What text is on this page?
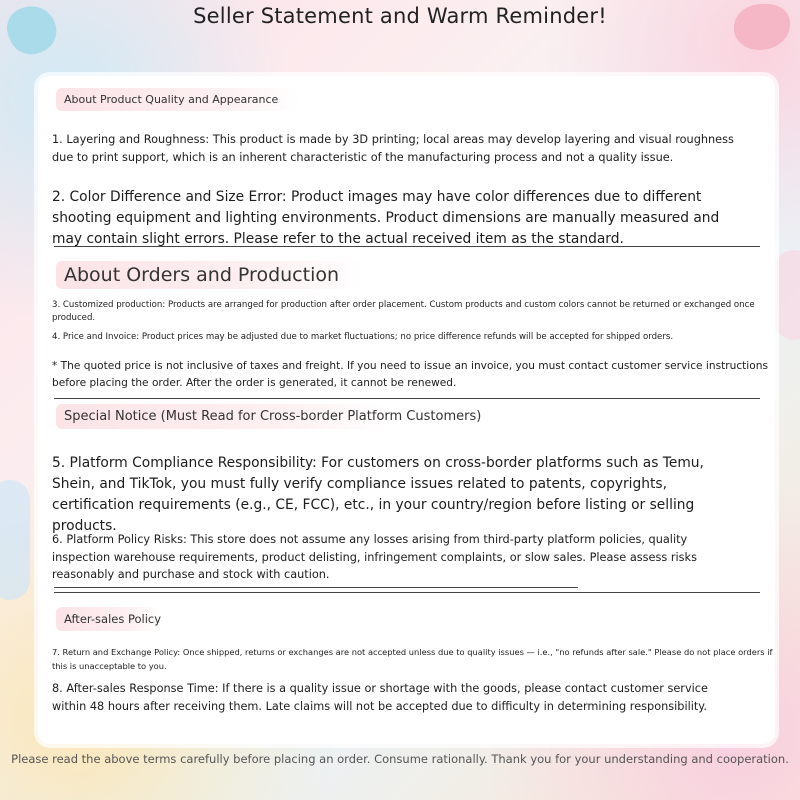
Seller Statement and Warm Reminder!
About Product Quality and Appearance
1. Layering and Roughness: This product is made by 3D printing; local areas may develop layering and visual roughness due to print support, which is an inherent characteristic of the manufacturing process and not a quality issue.
2. Color Difference and Size Error: Product images may have color differences due to different shooting equipment and lighting environments. Product dimensions are manually measured and may contain slight errors. Please refer to the actual received item as the standard.
About Orders and Production
3. Customized production: Products are arranged for production after order placement. Custom products and custom colors cannot be returned or exchanged once produced.
4. Price and Invoice: Product prices may be adjusted due to market fluctuations; no price difference refunds will be accepted for shipped orders.
* The quoted price is not inclusive of taxes and freight. If you need to issue an invoice, you must contact customer service instructions before placing the order. After the order is generated, it cannot be renewed.
Special Notice (Must Read for Cross-border Platform Customers)
5. Platform Compliance Responsibility: For customers on cross-border platforms such as Temu, Shein, and TikTok, you must fully verify compliance issues related to patents, copyrights, certification requirements (e.g., CE, FCC), etc., in your country/region before listing or selling products.
6. Platform Policy Risks: This store does not assume any losses arising from third-party platform policies, quality inspection warehouse requirements, product delisting, infringement complaints, or slow sales. Please assess risks reasonably and purchase and stock with caution.
After-sales Policy
7. Return and Exchange Policy: Once shipped, returns or exchanges are not accepted unless due to quality issues — i.e., "no refunds after sale." Please do not place orders if this is unacceptable to you.
8. After-sales Response Time: If there is a quality issue or shortage with the goods, please contact customer service within 48 hours after receiving them. Late claims will not be accepted due to difficulty in determining responsibility.
Please read the above terms carefully before placing an order. Consume rationally. Thank you for your understanding and cooperation.
